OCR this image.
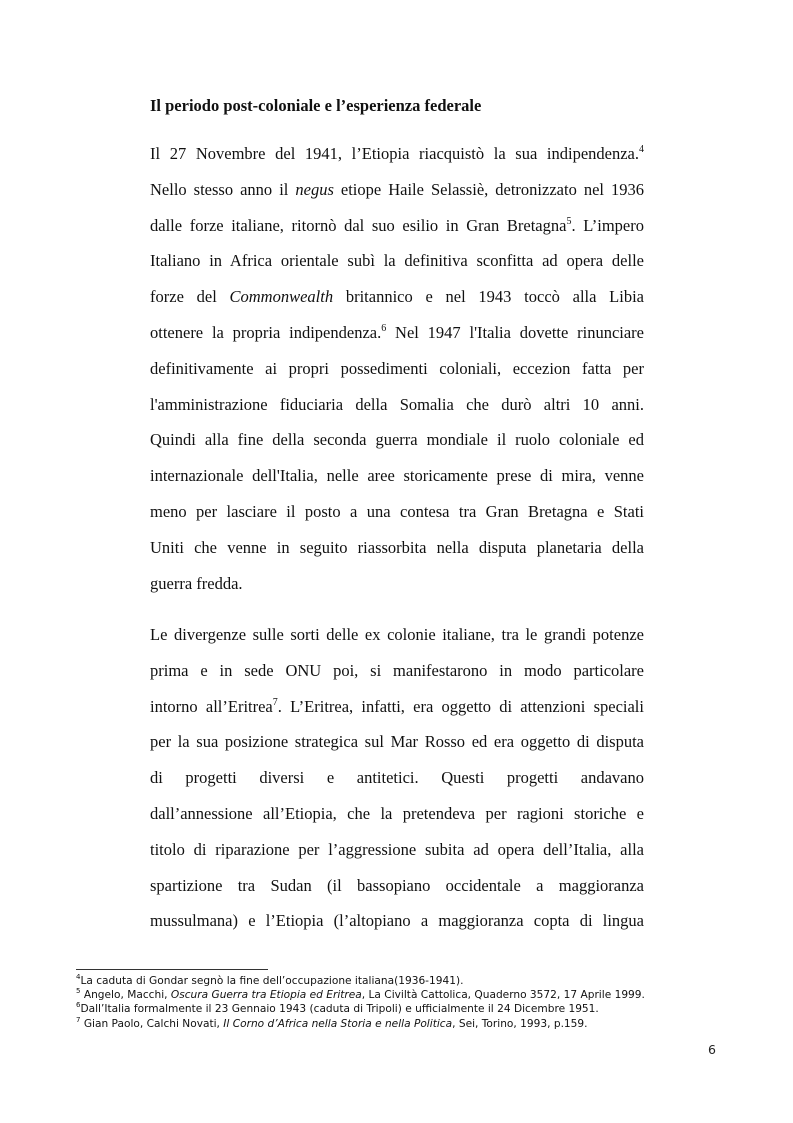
Il periodo post-coloniale e l’esperienza federale
Il 27 Novembre del 1941, l’Etiopia riacquistò la sua indipendenza.$^4$
Nello stesso anno il negus etiope Haile Selassiè, detronizzato nel 1936
dalle forze italiane, ritornò dal suo esilio in Gran Bretagna$^5$. L’impero
Italiano in Africa orientale subì la definitiva sconfitta ad opera delle
forze del Commonwealth britannico e nel 1943 toccò alla Libia
ottenere la propria indipendenza.$^6$ Nel 1947 l'Italia dovette rinunciare
definitivamente ai propri possedimenti coloniali, eccezion fatta per
l'amministrazione fiduciaria della Somalia che durò altri 10 anni.
Quindi alla fine della seconda guerra mondiale il ruolo coloniale ed
internazionale dell'Italia, nelle aree storicamente prese di mira, venne
meno per lasciare il posto a una contesa tra Gran Bretagna e Stati
Uniti che venne in seguito riassorbita nella disputa planetaria della
guerra fredda.
Le divergenze sulle sorti delle ex colonie italiane, tra le grandi potenze
prima e in sede ONU poi, si manifestarono in modo particolare
intorno all’Eritrea$^7$. L’Eritrea, infatti, era oggetto di attenzioni speciali
per la sua posizione strategica sul Mar Rosso ed era oggetto di disputa
di progetti diversi e antitetici. Questi progetti andavano
dall’annessione all’Etiopia, che la pretendeva per ragioni storiche e
titolo di riparazione per l’aggressione subita ad opera dell’Italia, alla
spartizione tra Sudan (il bassopiano occidentale a maggioranza
mussulmana) e l’Etiopia (l’altopiano a maggioranza copta di lingua
$^4$La caduta di Gondar segnò la fine dell’occupazione italiana(1936-1941).
$^5$ Angelo, Macchi, Oscura Guerra tra Etiopia ed Eritrea, La Civiltà Cattolica, Quaderno 3572, 17 Aprile 1999.
$^6$Dall’Italia formalmente il 23 Gennaio 1943 (caduta di Tripoli) e ufficialmente il 24 Dicembre 1951.
$^7$ Gian Paolo, Calchi Novati, Il Corno d’Africa nella Storia e nella Politica, Sei, Torino, 1993, p.159.
6
